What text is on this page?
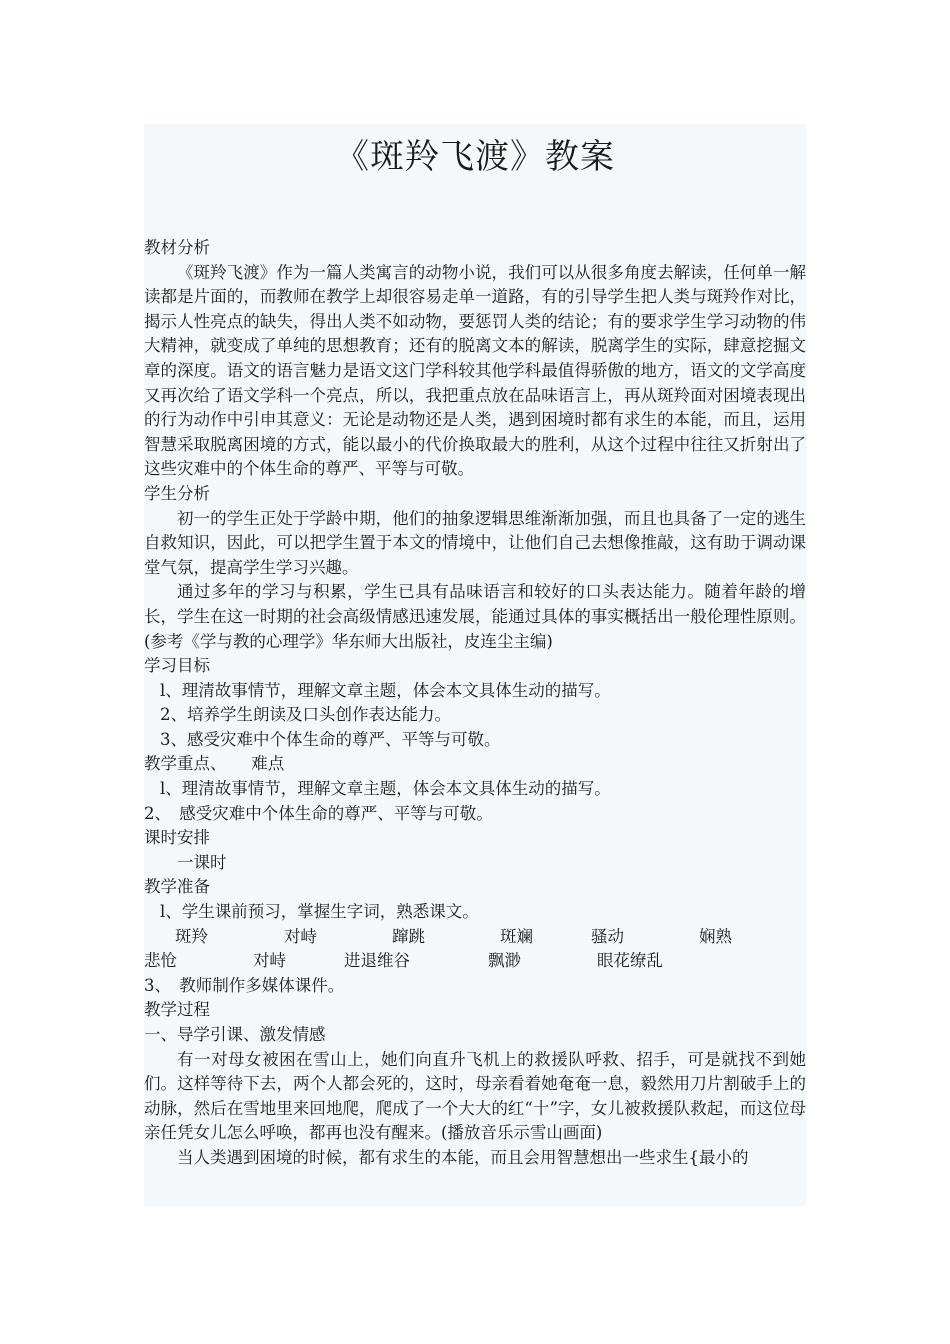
《斑羚飞渡》教案

教材分析

《斑羚飞渡》作为一篇人类寓言的动物小说，我们可以从很多角度去解读，任何单一解读都是片面的，而教师在教学上却很容易走单一道路，有的引导学生把人类与斑羚作对比，揭示人性亮点的缺失，得出人类不如动物，要惩罚人类的结论；有的要求学生学习动物的伟大精神，就变成了单纯的思想教育；还有的脱离文本的解读，脱离学生的实际，肆意挖掘文章的深度。语文的语言魅力是语文这门学科较其他学科最值得骄傲的地方，语文的文学高度又再次给了语文学科一个亮点，所以，我把重点放在品味语言上，再从斑羚面对困境表现出的行为动作中引申其意义：无论是动物还是人类，遇到困境时都有求生的本能，而且，运用智慧采取脱离困境的方式，能以最小的代价换取最大的胜利，从这个过程中往往又折射出了这些灾难中的个体生命的尊严、平等与可敬。

学生分析

初一的学生正处于学龄中期，他们的抽象逻辑思维渐渐加强，而且也具备了一定的逃生自救知识，因此，可以把学生置于本文的情境中，让他们自己去想像推敲，这有助于调动课堂气氛，提高学生学习兴趣。

通过多年的学习与积累，学生已具有品味语言和较好的口头表达能力。随着年龄的增长，学生在这一时期的社会高级情感迅速发展，能通过具体的事实概括出一般伦理性原则。(参考《学与教的心理学》华东师大出版社，皮连尘主编)

学习目标

l、理清故事情节，理解文章主题，体会本文具体生动的描写。

2、培养学生朗读及口头创作表达能力。

3、感受灾难中个体生命的尊严、平等与可敬。

教学重点、　　难点

l、理清故事情节，理解文章主题，体会本文具体生动的描写。

2、　感受灾难中个体生命的尊严、平等与可敬。

课时安排

一课时

教学准备

l、学生课前预习，掌握生字词，熟悉课文。

斑羚	对峙	蹿跳	斑斓	骚动	娴熟

悲怆	对峙	进退维谷	飘渺	眼花缭乱

3、　教师制作多媒体课件。

教学过程

一、导学引课、激发情感

有一对母女被困在雪山上，她们向直升飞机上的救援队呼救、招手，可是就找不到她们。这样等待下去，两个人都会死的，这时，母亲看着她奄奄一息，毅然用刀片割破手上的动脉，然后在雪地里来回地爬，爬成了一个大大的红“十”字，女儿被救援队救起，而这位母亲任凭女儿怎么呼唤，都再也没有醒来。(播放音乐示雪山画面)

当人类遇到困境的时候，都有求生的本能，而且会用智慧想出一些求生{最小的
